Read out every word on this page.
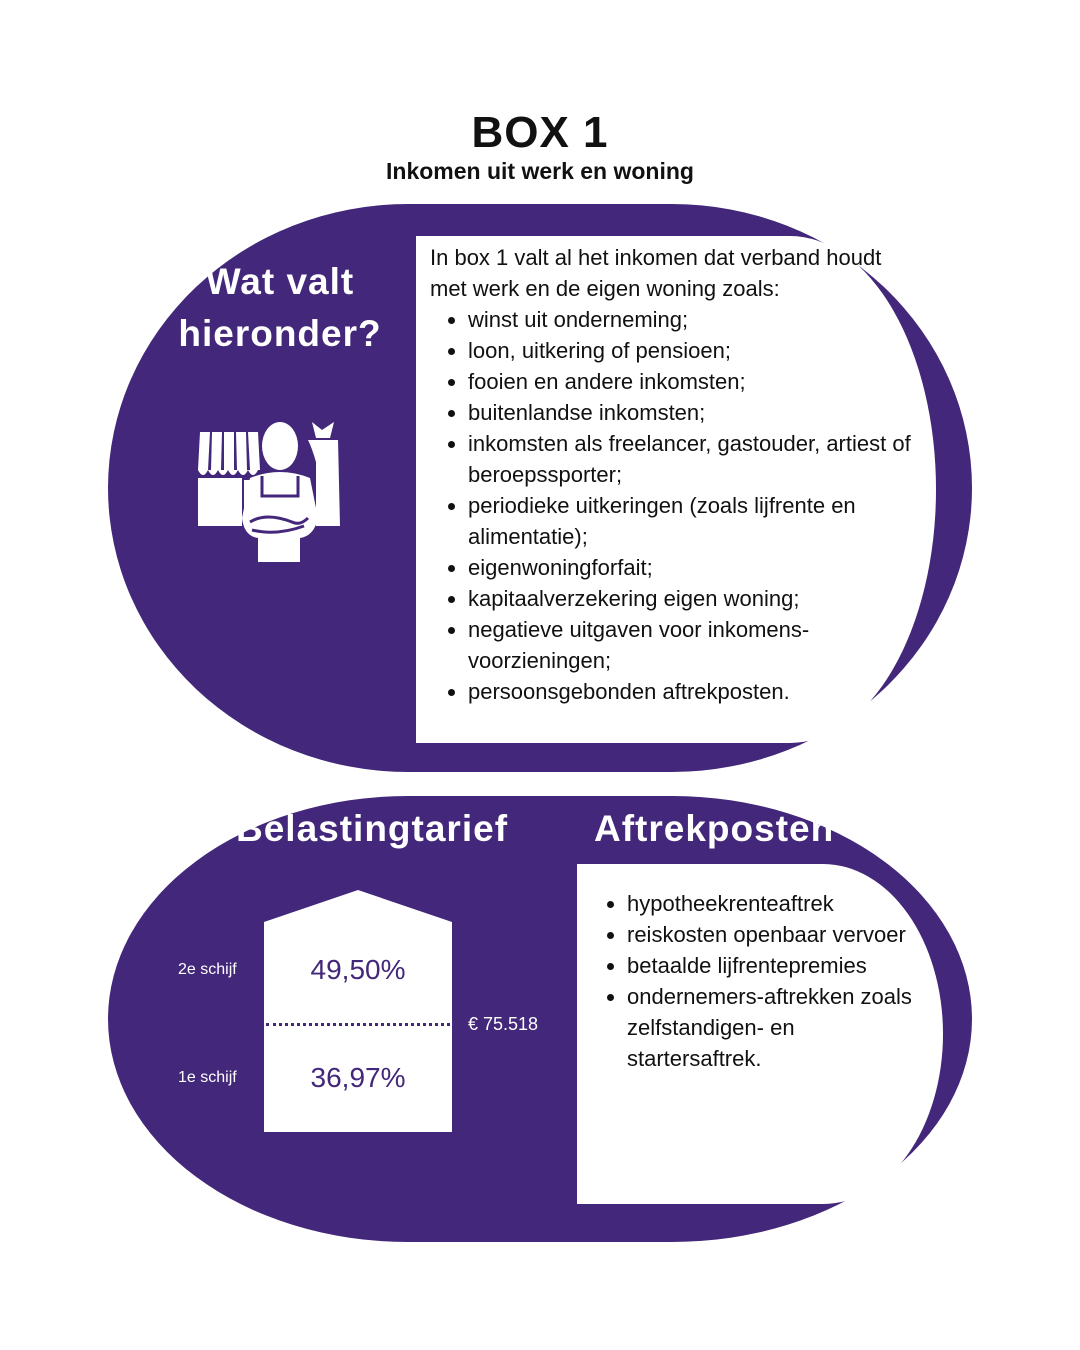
BOX 1
Inkomen uit werk en woning
Wat valt
hieronder?

In box 1 valt al het inkomen dat verband houdt

met werk en de eigen woning zoals:

• winst uit onderneming;
• loon, uitkering of pensioen;
• fooien en andere inkomsten;
• buitenlandse inkomsten;
• inkomsten als freelancer, gastouder, artiest of beroepssporter;
• periodieke uitkeringen (zoals lijfrente en alimentatie);
• eigenwoningforfait;
• kapitaalverzekering eigen woning;
• negatieve uitgaven voor inkomens-voorzieningen;
• persoonsgebonden aftrekposten.
Belastingtarief Aftrekposten
49,50%
36,97%
2e schijf
1e schijf
€ 75.518
• hypotheekrenteaftrek
• reiskosten openbaar vervoer
• betaalde lijfrentepremies
• ondernemers-aftrekken zoals zelfstandigen- en startersaftrek.
